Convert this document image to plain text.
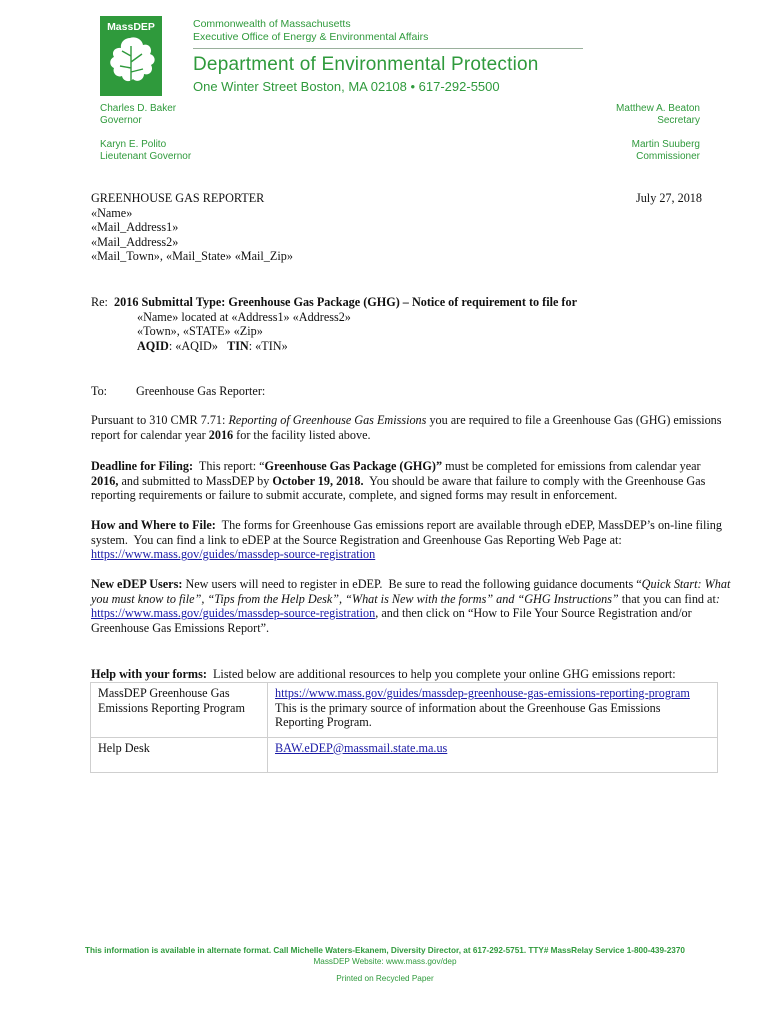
MassDEP	Commonwealth of Massachusetts
Executive Office of Energy & Environmental Affairs
Department of Environmental Protection
One Winter Street Boston, MA 02108 • 617-292-5500
Charles D. Baker
Governor
Karyn E. Polito
Lieutenant Governor
Matthew A. Beaton
Secretary
Martin Suuberg
Commissioner
GREENHOUSE GAS REPORTER
«Name»
«Mail_Address1»
«Mail_Address2»
«Mail_Town», «Mail_State» «Mail_Zip»
July 27, 2018
Re: 2016 Submittal Type: Greenhouse Gas Package (GHG) – Notice of requirement to file for
«Name» located at «Address1» «Address2»
«Town», «STATE» «Zip»
AQID: «AQID» TIN: «TIN»
To: Greenhouse Gas Reporter:
Pursuant to 310 CMR 7.71: Reporting of Greenhouse Gas Emissions you are required to file a Greenhouse Gas (GHG) emissions report for calendar year 2016 for the facility listed above.
Deadline for Filing:  This report: “Greenhouse Gas Package (GHG)” must be completed for emissions from calendar year 2016, and submitted to MassDEP by October 19, 2018.  You should be aware that failure to comply with the Greenhouse Gas reporting requirements or failure to submit accurate, complete, and signed forms may result in enforcement.
How and Where to File:  The forms for Greenhouse Gas emissions report are available through eDEP, MassDEP’s on-line filing system.  You can find a link to eDEP at the Source Registration and Greenhouse Gas Reporting Web Page at:
https://www.mass.gov/guides/massdep-source-registration
New eDEP Users: New users will need to register in eDEP.  Be sure to read the following guidance documents “Quick Start: What you must know to file”, “Tips from the Help Desk”, “What is New with the forms” and “GHG Instructions” that you can find at: https://www.mass.gov/guides/massdep-source-registration, and then click on “How to File Your Source Registration and/or Greenhouse Gas Emissions Report”.
Help with your forms:  Listed below are additional resources to help you complete your online GHG emissions report:
MassDEP Greenhouse Gas Emissions Reporting Program	https://www.mass.gov/guides/massdep-greenhouse-gas-emissions-reporting-program
This is the primary source of information about the Greenhouse Gas Emissions Reporting Program.
Help Desk	BAW.eDEP@massmail.state.ma.us
This information is available in alternate format. Call Michelle Waters-Ekanem, Diversity Director, at 617-292-5751. TTY# MassRelay Service 1-800-439-2370
MassDEP Website: www.mass.gov/dep
Printed on Recycled Paper
